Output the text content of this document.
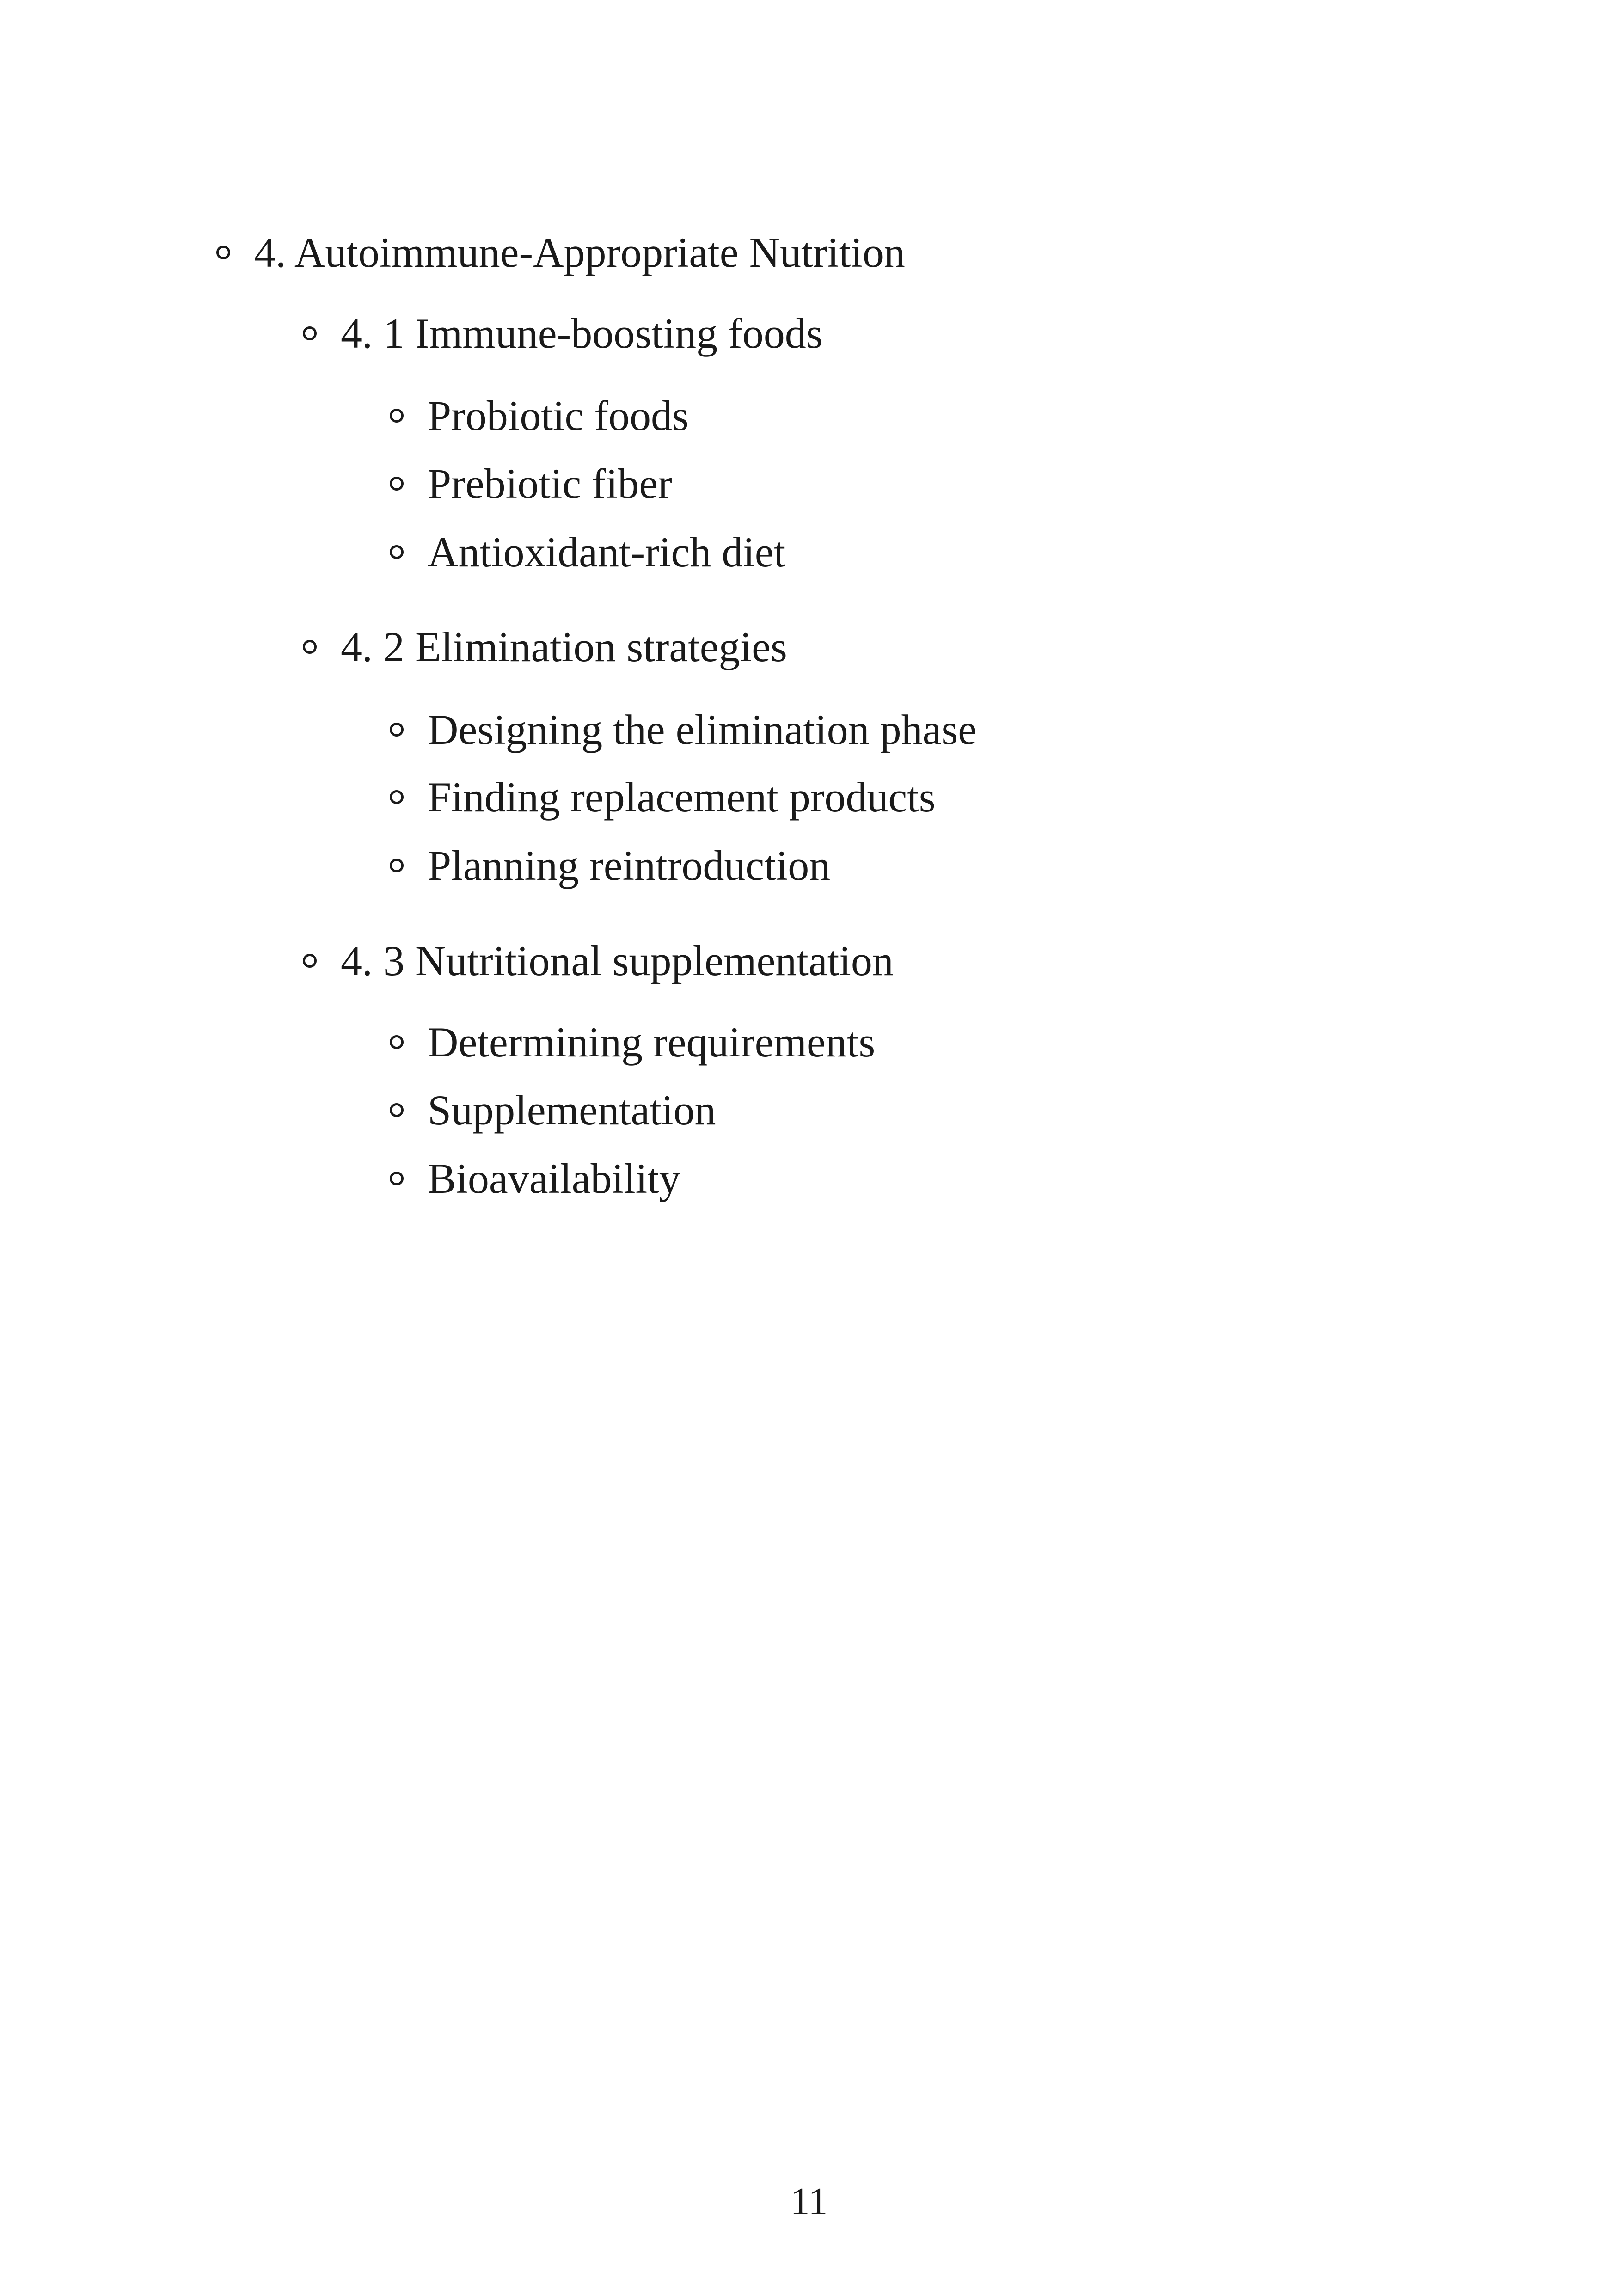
4. Autoimmune-Appropriate Nutrition
4. 1 Immune-boosting foods
Probiotic foods
Prebiotic fiber
Antioxidant-rich diet
4. 2 Elimination strategies
Designing the elimination phase
Finding replacement products
Planning reintroduction
4. 3 Nutritional supplementation
Determining requirements
Supplementation
Bioavailability
11
